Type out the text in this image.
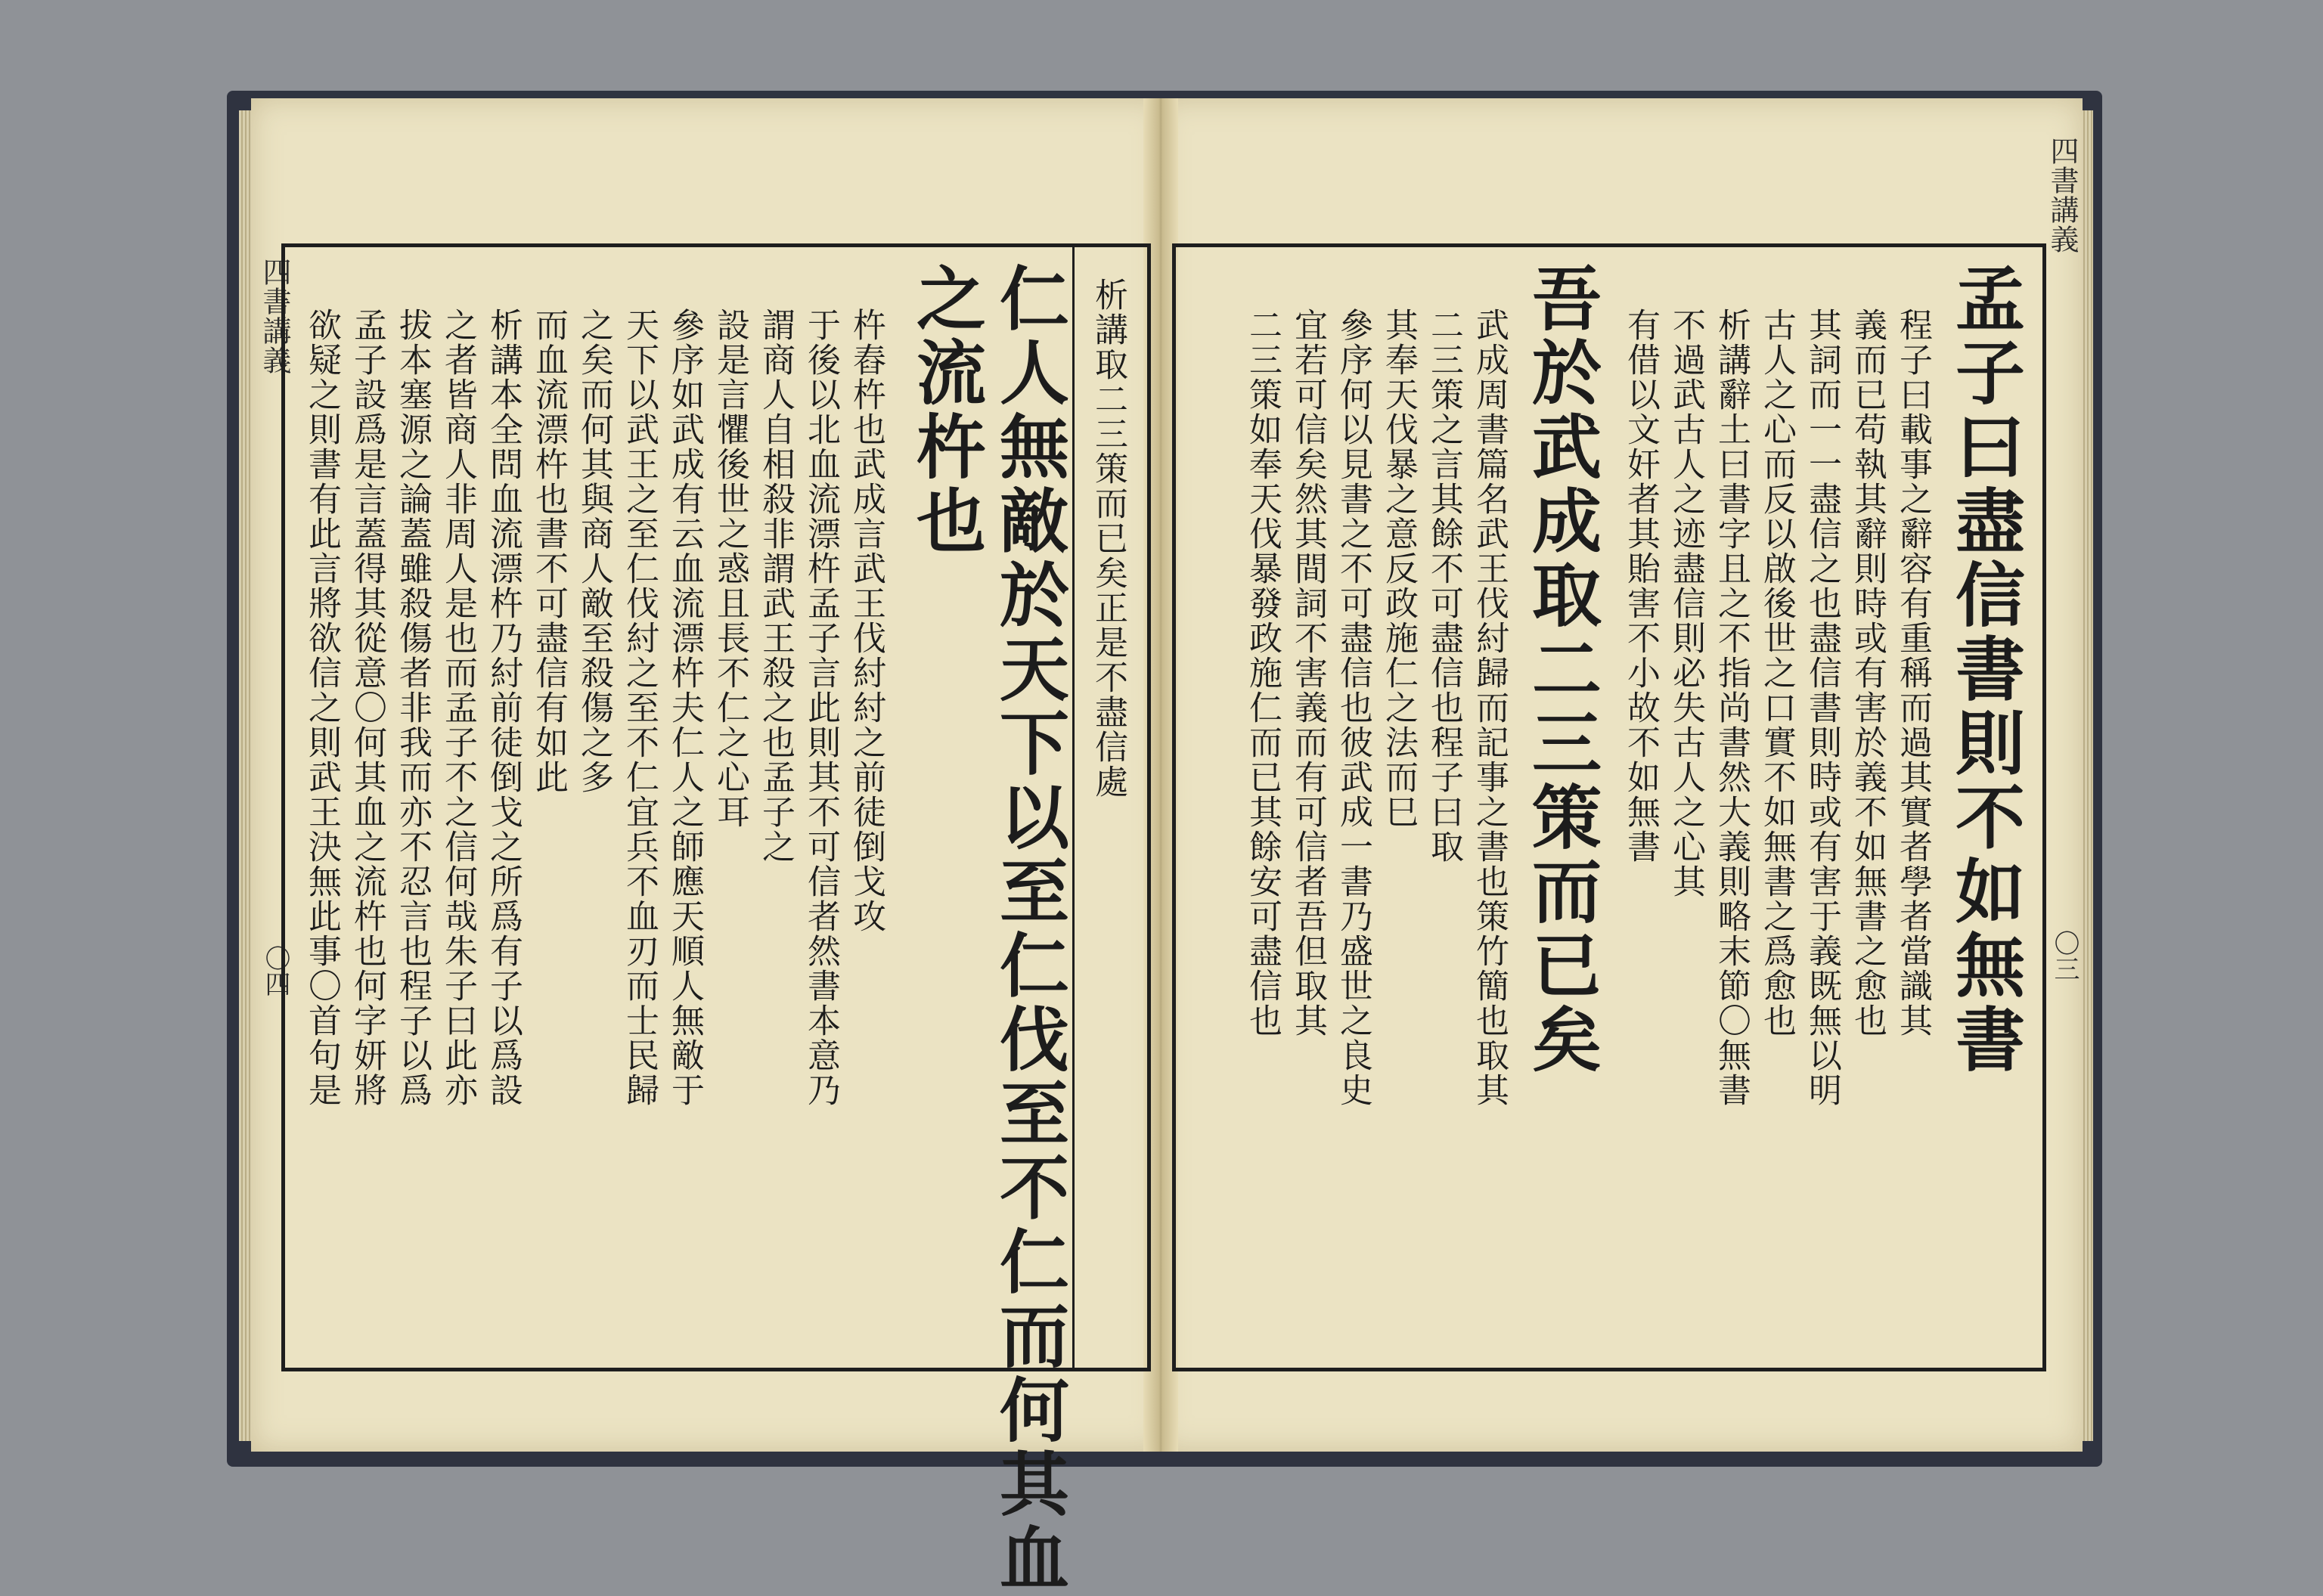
四書講義
四書講義
〇四	〇三
孟子曰盡信書則不如無書
程子曰載事之辭容有重稱而過其實者學者當識其
義而已苟執其辭則時或有害於義不如無書之愈也
其詞而一一盡信之也盡信書則時或有害于義既無以明
古人之心而反以啟後世之口實不如無書之爲愈也
析講辭土曰書字且之不指尚書然大義則略末節〇無書
不過武古人之迹盡信則必失古人之心其
有借以文奸者其貽害不小故不如無書
吾於武成取二三策而已矣
武成周書篇名武王伐紂歸而記事之書也策竹簡也取其
二三策之言其餘不可盡信也程子曰取
其奉天伐暴之意反政施仁之法而巳
參序何以見書之不可盡信也彼武成一書乃盛世之良史
宜若可信矣然其間詞不害義而有可信者吾但取其
二三策如奉天伐暴發政施仁而已其餘安可盡信也
析講取二三策而已矣正是不盡信處
仁人無敵於天下以至仁伐至不仁而何其血
之流杵也
杵舂杵也武成言武王伐紂紂之前徒倒戈攻
于後以北血流漂杵孟子言此則其不可信者然書本意乃
謂商人自相殺非謂武王殺之也孟子之
設是言懼後世之惑且長不仁之心耳
參序如武成有云血流漂杵夫仁人之師應天順人無敵于
天下以武王之至仁伐紂之至不仁宜兵不血刃而士民歸
之矣而何其與商人敵至殺傷之多
而血流漂杵也書不可盡信有如此
析講本全問血流漂杵乃紂前徒倒戈之所爲有子以爲設
之者皆商人非周人是也而孟子不之信何哉朱子曰此亦
拔本塞源之論蓋雖殺傷者非我而亦不忍言也程子以爲
孟子設爲是言蓋得其從意〇何其血之流杵也何字妍將
欲疑之則書有此言將欲信之則武王決無此事〇首句是
